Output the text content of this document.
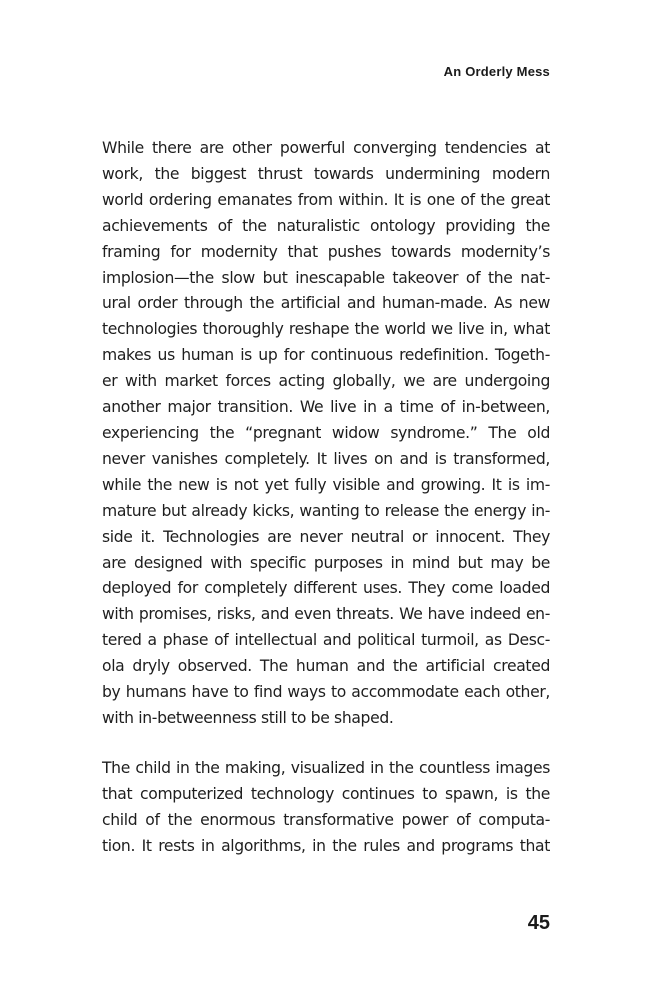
An Orderly Mess

While there are other powerful converging tendencies at
work, the biggest thrust towards undermining modern
world ordering emanates from within. It is one of the great
achievements of the naturalistic ontology providing the
framing for modernity that pushes towards modernity’s
implosion—the slow but inescapable takeover of the nat-
ural order through the artificial and human-made. As new
technologies thoroughly reshape the world we live in, what
makes us human is up for continuous redefinition. Togeth-
er with market forces acting globally, we are undergoing
another major transition. We live in a time of in-between,
experiencing the “pregnant widow syndrome.” The old
never vanishes completely. It lives on and is transformed,
while the new is not yet fully visible and growing. It is im-
mature but already kicks, wanting to release the energy in-
side it. Technologies are never neutral or innocent. They
are designed with specific purposes in mind but may be
deployed for completely different uses. They come loaded
with promises, risks, and even threats. We have indeed en-
tered a phase of intellectual and political turmoil, as Desc-
ola dryly observed. The human and the artificial created
by humans have to find ways to accommodate each other,
with in-betweenness still to be shaped.

The child in the making, visualized in the countless images
that computerized technology continues to spawn, is the
child of the enormous transformative power of computa-
tion. It rests in algorithms, in the rules and programs that

45
